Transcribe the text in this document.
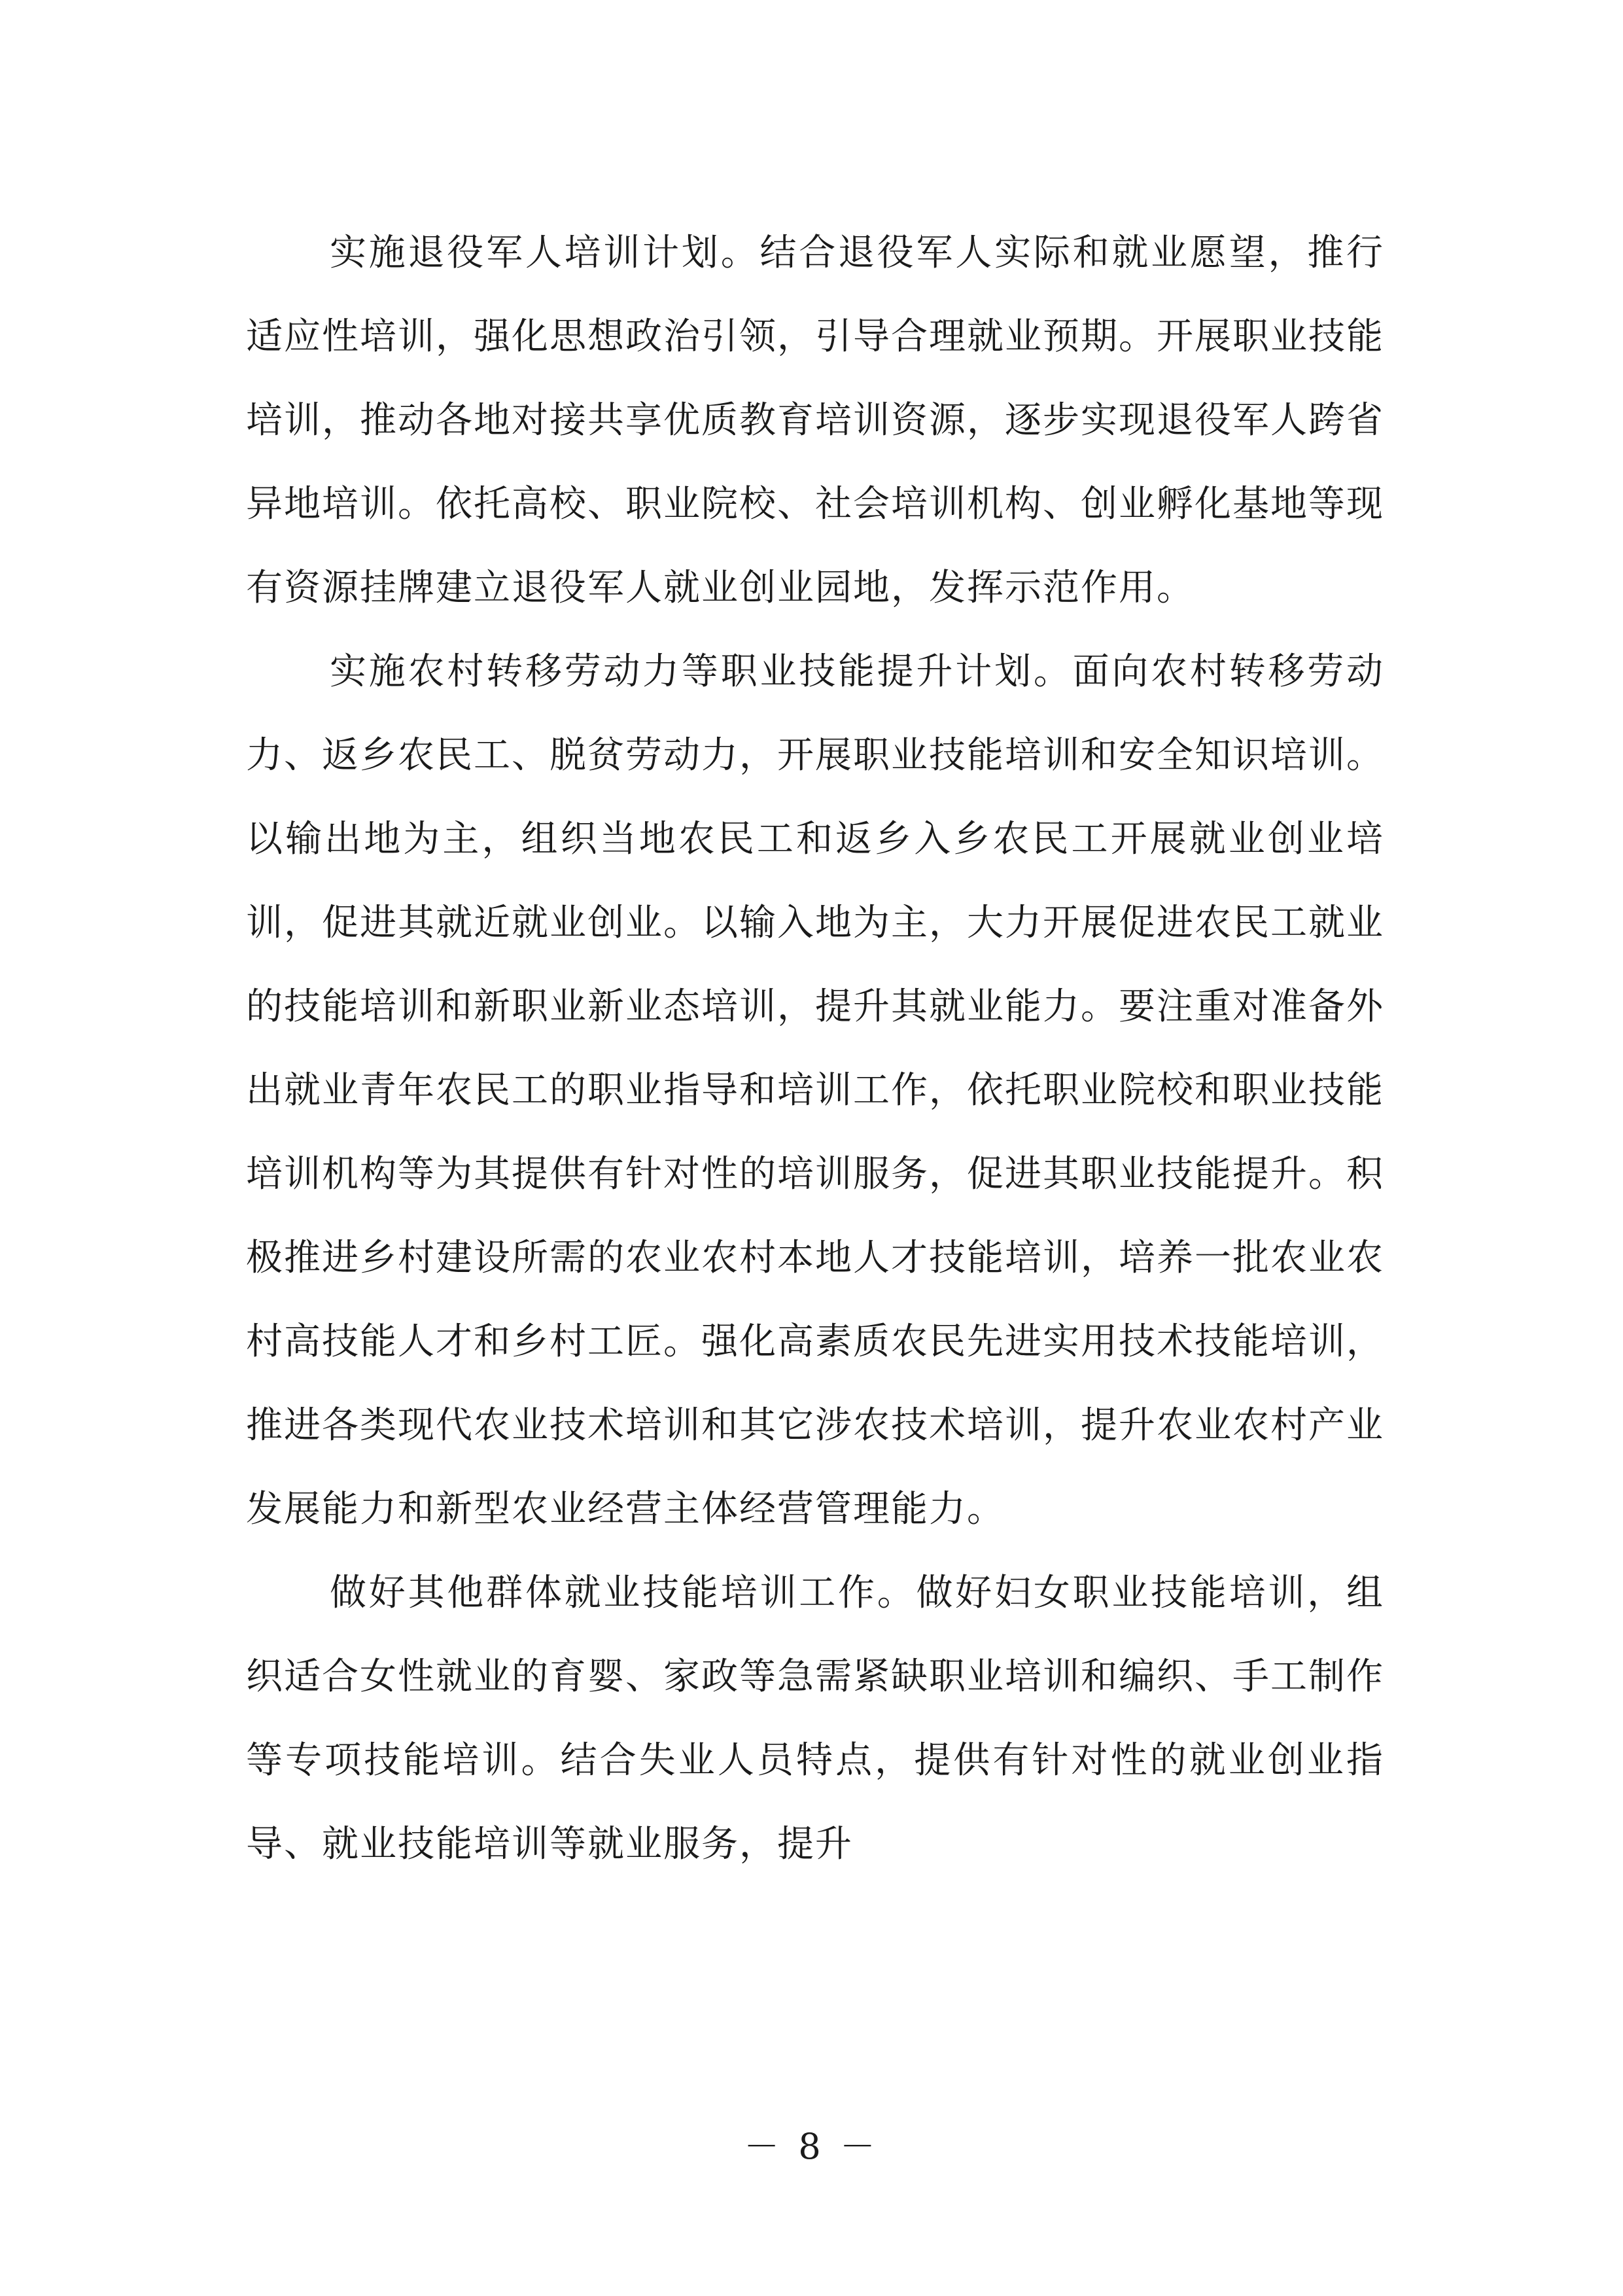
实施退役军人培训计划。结合退役军人实际和就业愿望，推行适应性培训，强化思想政治引领，引导合理就业预期。开展职业技能培训，推动各地对接共享优质教育培训资源，逐步实现退役军人跨省异地培训。依托高校、职业院校、社会培训机构、创业孵化基地等现有资源挂牌建立退役军人就业创业园地，发挥示范作用。

实施农村转移劳动力等职业技能提升计划。面向农村转移劳动力、返乡农民工、脱贫劳动力，开展职业技能培训和安全知识培训。以输出地为主，组织当地农民工和返乡入乡农民工开展就业创业培训，促进其就近就业创业。以输入地为主，大力开展促进农民工就业的技能培训和新职业新业态培训，提升其就业能力。要注重对准备外出就业青年农民工的职业指导和培训工作，依托职业院校和职业技能培训机构等为其提供有针对性的培训服务，促进其职业技能提升。积极推进乡村建设所需的农业农村本地人才技能培训，培养一批农业农村高技能人才和乡村工匠。强化高素质农民先进实用技术技能培训，推进各类现代农业技术培训和其它涉农技术培训，提升农业农村产业发展能力和新型农业经营主体经营管理能力。

做好其他群体就业技能培训工作。做好妇女职业技能培训，组织适合女性就业的育婴、家政等急需紧缺职业培训和编织、手工制作等专项技能培训。结合失业人员特点，提供有针对性的就业创业指导、就业技能培训等就业服务，提升

－ 8 －
